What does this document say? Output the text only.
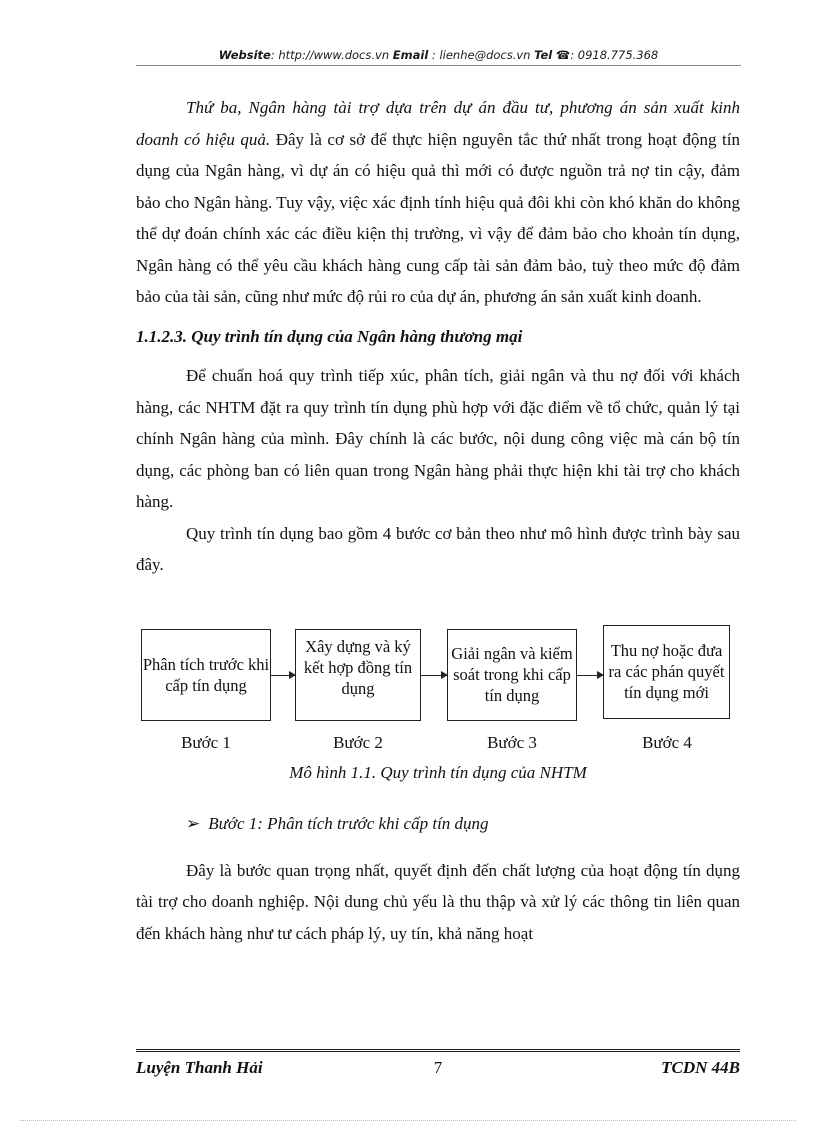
Website: http://www.docs.vn Email : lienhe@docs.vn Tel ☎: 0918.775.368

Thứ ba, Ngân hàng tài trợ dựa trên dự án đầu tư, phương án sản xuất kinh doanh có hiệu quả. Đây là cơ sở để thực hiện nguyên tắc thứ nhất trong hoạt động tín dụng của Ngân hàng, vì dự án có hiệu quả thì mới có được nguồn trả nợ tin cậy, đảm bảo cho Ngân hàng. Tuy vậy, việc xác định tính hiệu quả đôi khi còn khó khăn do không thể dự đoán chính xác các điều kiện thị trường, vì vậy để đảm bảo cho khoản tín dụng, Ngân hàng có thể yêu cầu khách hàng cung cấp tài sản đảm bảo, tuỳ theo mức độ đảm bảo của tài sản, cũng như mức độ rủi ro của dự án, phương án sản xuất kinh doanh.

1.1.2.3. Quy trình tín dụng của Ngân hàng thương mại

Để chuẩn hoá quy trình tiếp xúc, phân tích, giải ngân và thu nợ đối với khách hàng, các NHTM đặt ra quy trình tín dụng phù hợp với đặc điểm về tổ chức, quản lý tại chính Ngân hàng của mình. Đây chính là các bước, nội dung công việc mà cán bộ tín dụng, các phòng ban có liên quan trong Ngân hàng phải thực hiện khi tài trợ cho khách hàng.

Quy trình tín dụng bao gồm 4 bước cơ bản theo như mô hình được trình bày sau đây.

Phân tích trước khi cấp tín dụng
Xây dựng và ký kết hợp đồng tín dụng
Giải ngân và kiểm soát trong khi cấp tín dụng
Thu nợ hoặc đưa ra các phán quyết tín dụng mới
Bước 1	Bước 2	Bước 3	Bước 4
Mô hình 1.1. Quy trình tín dụng của NHTM
➢ Bước 1: Phân tích trước khi cấp tín dụng

Đây là bước quan trọng nhất, quyết định đến chất lượng của hoạt động tín dụng tài trợ cho doanh nghiệp. Nội dung chủ yếu là thu thập và xử lý các thông tin liên quan đến khách hàng như tư cách pháp lý, uy tín, khả năng hoạt

Luyện Thanh Hải	7	TCDN 44B
